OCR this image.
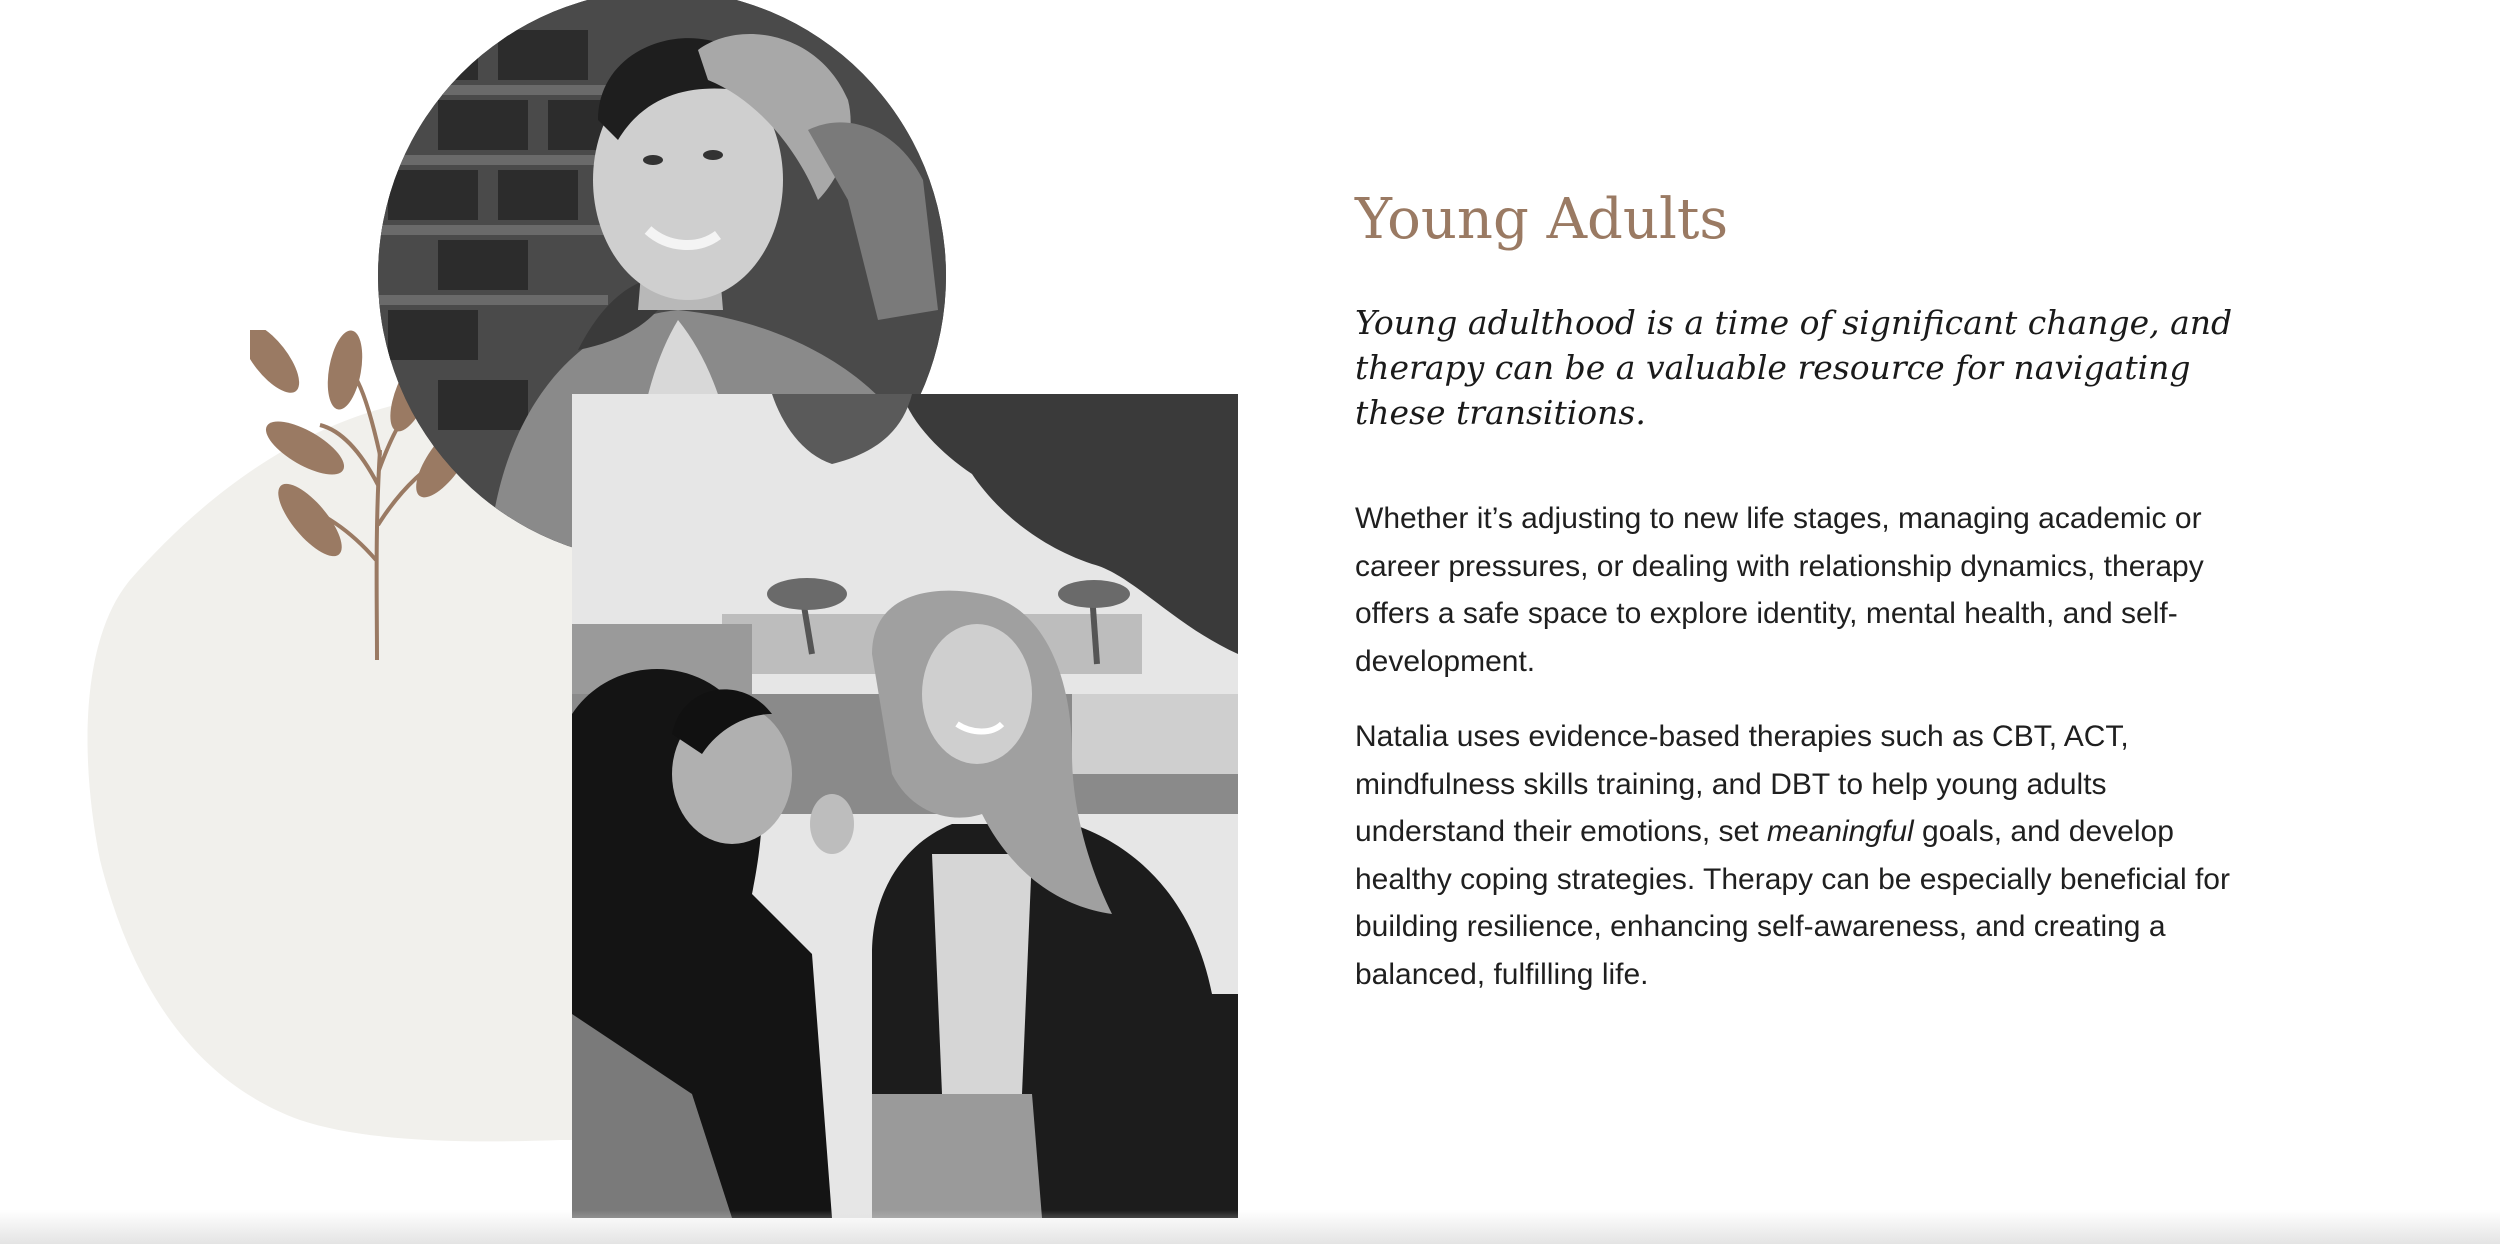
Young Adults

Young adulthood is a time of significant change, and therapy can be a valuable resource for navigating these transitions.

Whether it’s adjusting to new life stages, managing academic or career pressures, or dealing with relationship dynamics, therapy offers a safe space to explore identity, mental health, and self-development.

Natalia uses evidence-based therapies such as CBT, ACT, mindfulness skills training, and DBT to help young adults understand their emotions, set meaningful goals, and develop healthy coping strategies. Therapy can be especially beneficial for building resilience, enhancing self-awareness, and creating a balanced, fulfilling life.
